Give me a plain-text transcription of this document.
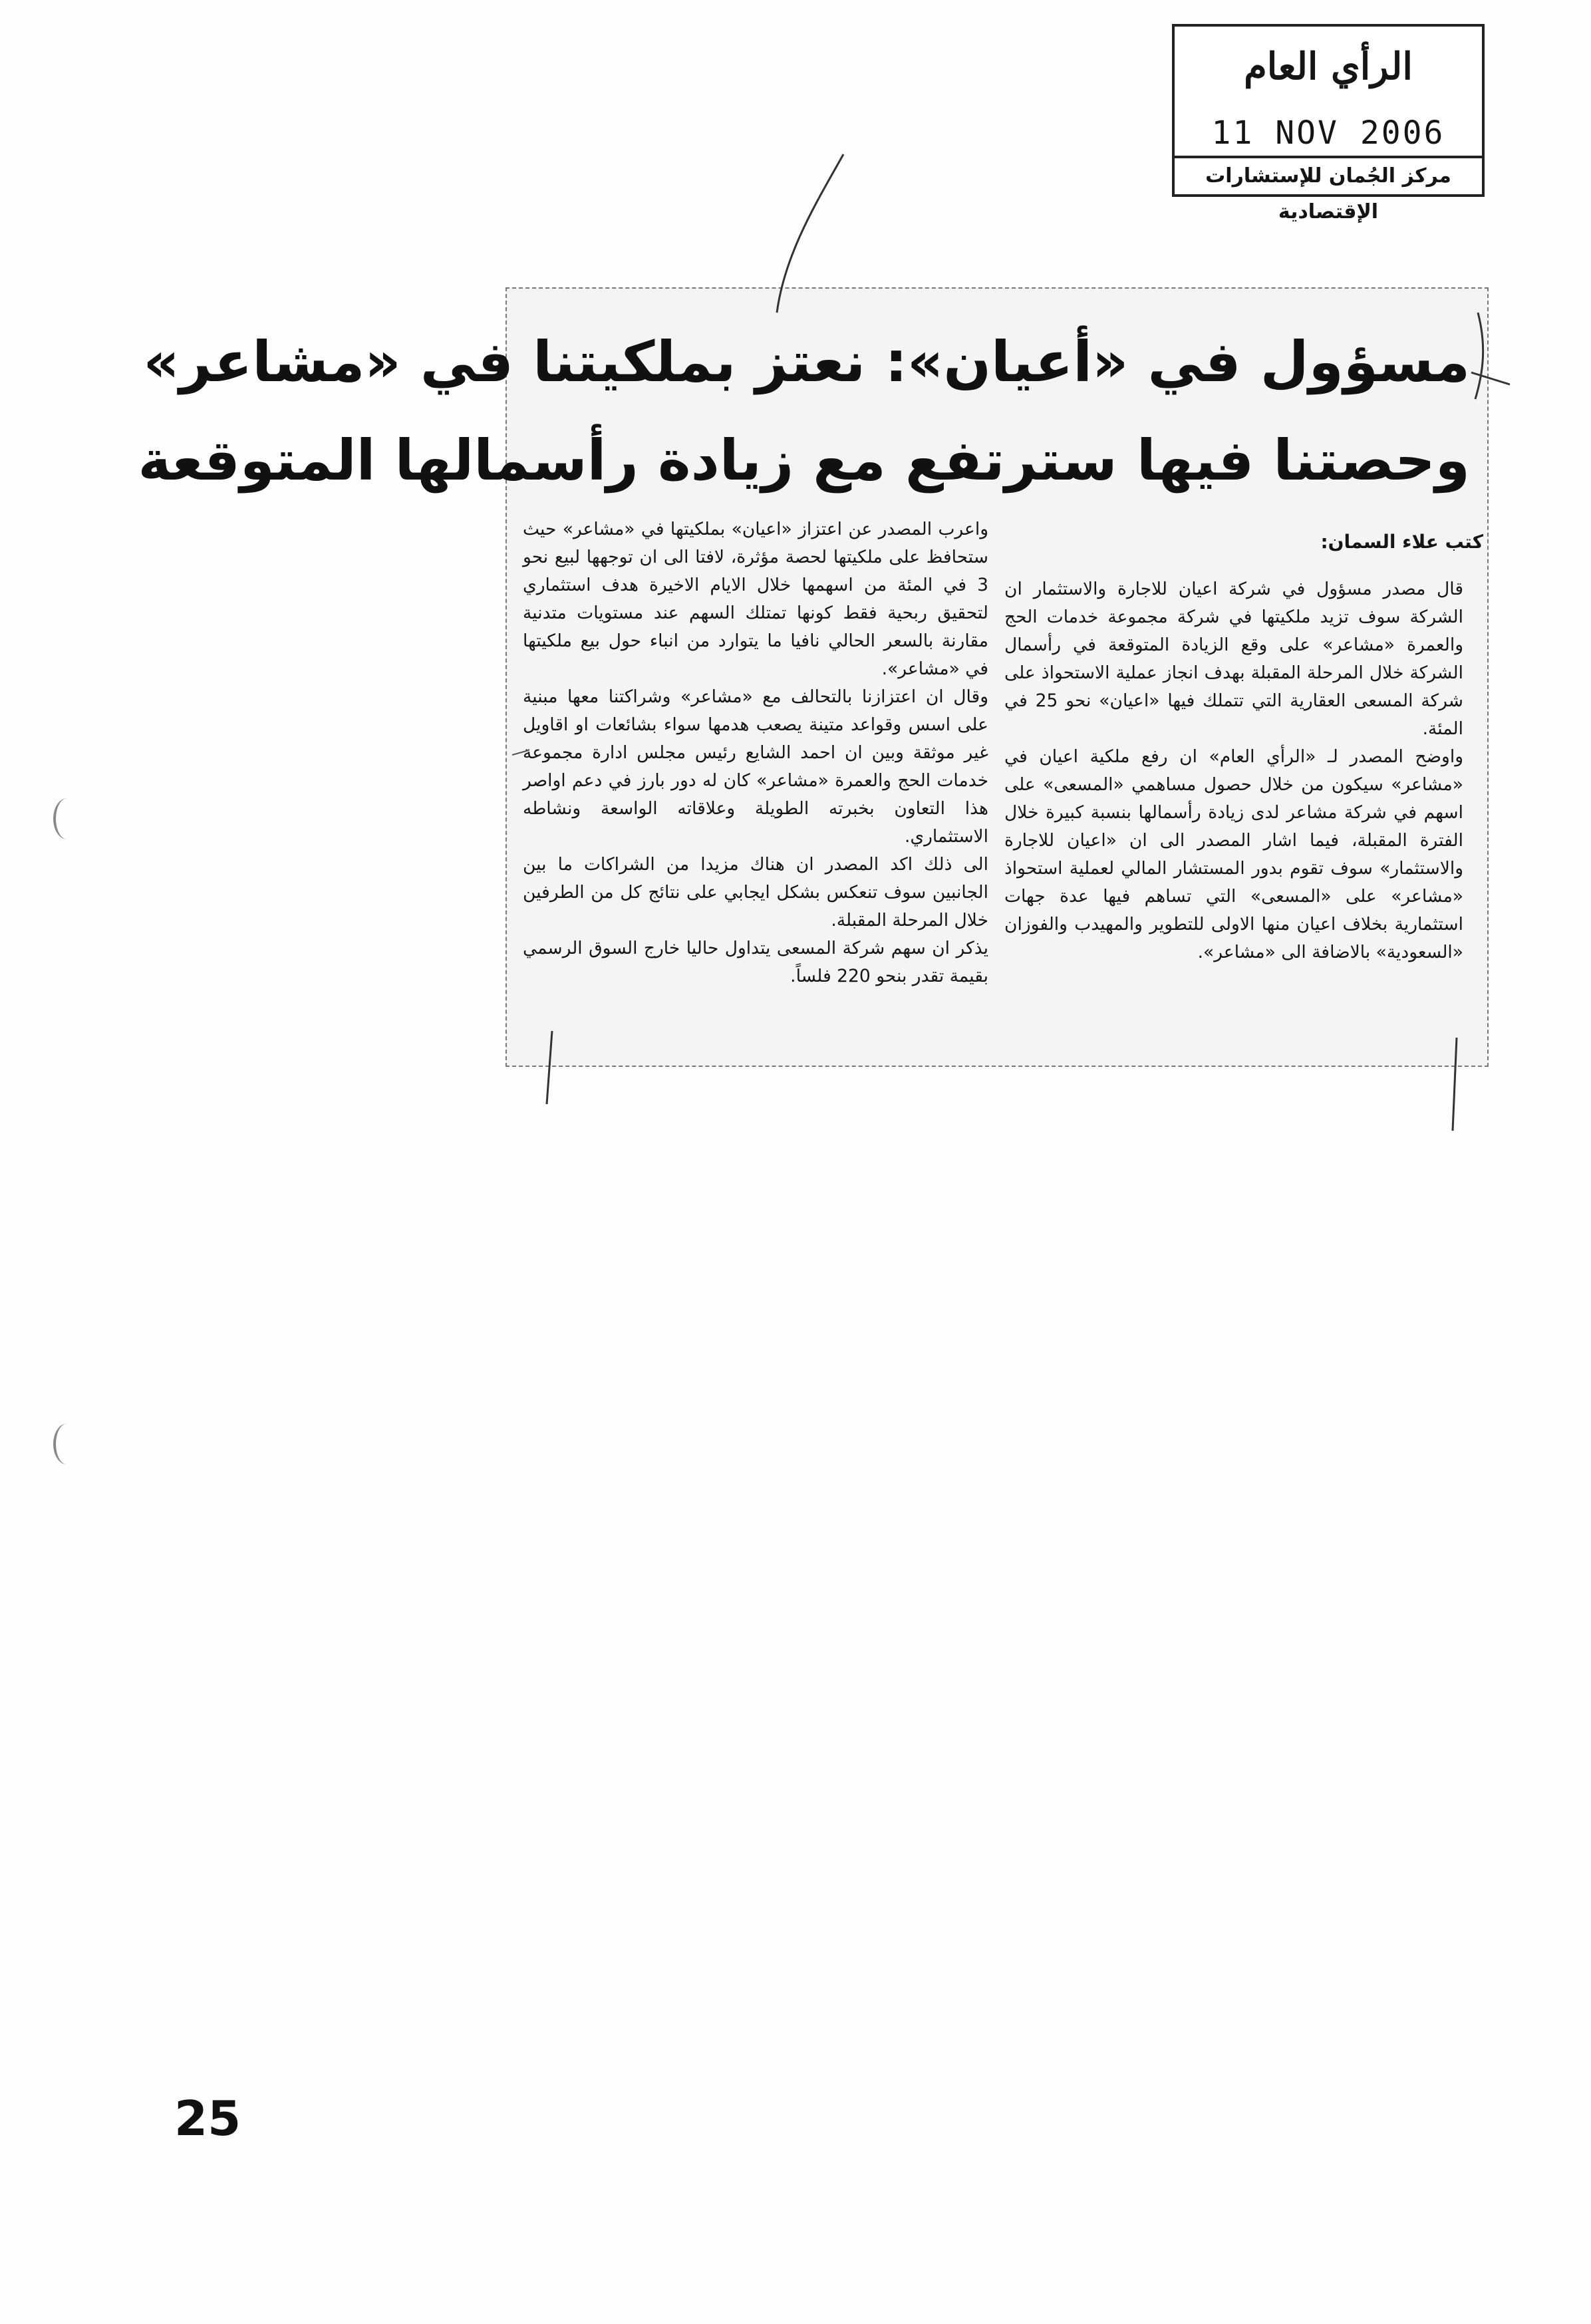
الرأي العام
11 NOV 2006
مركز الجُمان للإستشارات الإقتصادية
مسؤول في «أعيان»: نعتز بملكيتنا في «مشاعر»
وحصتنا فيها سترتفع مع زيادة رأسمالها المتوقعة
كتب علاء السمان:

قال مصدر مسؤول في شركة اعيان للاجارة والاستثمار ان الشركة سوف تزيد ملكيتها في شركة مجموعة خدمات الحج والعمرة «مشاعر» على وقع الزيادة المتوقعة في رأسمال الشركة خلال المرحلة المقبلة بهدف انجاز عملية الاستحواذ على شركة المسعى العقارية التي تتملك فيها «اعيان» نحو 25 في المئة.

واوضح المصدر لـ «الرأي العام» ان رفع ملكية اعيان في «مشاعر» سيكون من خلال حصول مساهمي «المسعى» على اسهم في شركة مشاعر لدى زيادة رأسمالها بنسبة كبيرة خلال الفترة المقبلة، فيما اشار المصدر الى ان «اعيان للاجارة والاستثمار» سوف تقوم بدور المستشار المالي لعملية استحواذ «مشاعر» على «المسعى» التي تساهم فيها عدة جهات استثمارية بخلاف اعيان منها الاولى للتطوير والمهيدب والفوزان «السعودية» بالاضافة الى «مشاعر».

واعرب المصدر عن اعتزاز «اعيان» بملكيتها في «مشاعر» حيث ستحافظ على ملكيتها لحصة مؤثرة، لافتا الى ان توجهها لبيع نحو 3 في المئة من اسهمها خلال الايام الاخيرة هدف استثماري لتحقيق ربحية فقط كونها تمتلك السهم عند مستويات متدنية مقارنة بالسعر الحالي نافيا ما يتوارد من انباء حول بيع ملكيتها في «مشاعر».

وقال ان اعتزازنا بالتحالف مع «مشاعر» وشراكتنا معها مبنية على اسس وقواعد متينة يصعب هدمها سواء بشائعات او اقاويل غير موثقة وبين ان احمد الشايع رئيس مجلس ادارة مجموعة خدمات الحج والعمرة «مشاعر» كان له دور بارز في دعم اواصر هذا التعاون بخبرته الطويلة وعلاقاته الواسعة ونشاطه الاستثماري.

الى ذلك اكد المصدر ان هناك مزيدا من الشراكات ما بين الجانبين سوف تنعكس بشكل ايجابي على نتائج كل من الطرفين خلال المرحلة المقبلة.

يذكر ان سهم شركة المسعى يتداول حاليا خارج السوق الرسمي بقيمة تقدر بنحو 220 فلساً.

25
